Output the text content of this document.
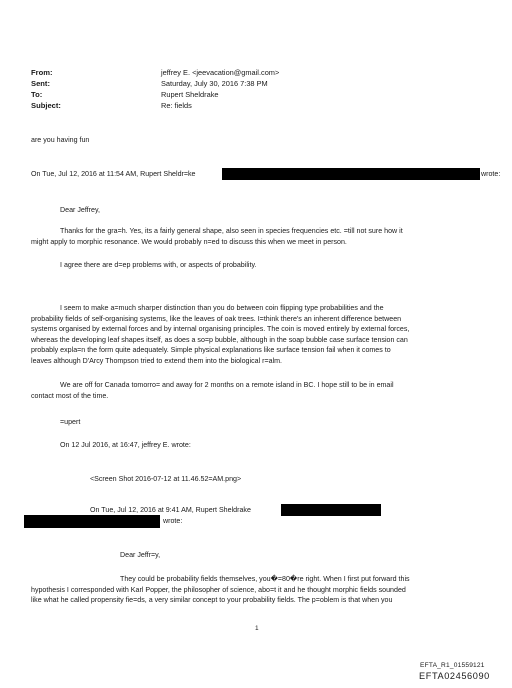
From:	jeffrey E. <jeevacation@gmail.com>
Sent:	Saturday, July 30, 2016 7:38 PM
To:	Rupert Sheldrake
Subject:	Re: fields
are you having fun
On Tue, Jul 12, 2016 at 11:54 AM, Rupert Sheldr=ke	wrote:
Dear Jeffrey,
Thanks for the gra=h. Yes, its a fairly general shape, also seen in species frequencies etc. =till not sure how it
might apply to morphic resonance. We would probably n=ed to discuss this when we meet in person.
I agree there are d=ep problems with, or aspects of probability.
I seem to make a=much sharper distinction than you do between coin flipping type probabilities and the
probability fields of self-organising systems, like the leaves of oak trees. I=think there's an inherent difference between
systems organised by external forces and by internal organising principles. The coin is moved entirely by external forces,
whereas the developing leaf shapes itself, as does a so=p bubble, although in the soap bubble case surface tension can
probably expla=n the form quite adequately. Simple physical explanations like surface tension fail when it comes to
leaves although D'Arcy Thompson tried to extend them into the biological r=alm.
We are off for Canada tomorro= and away for 2 months on a remote island in BC. I hope still to be in email
contact most of the time.
=upert
On 12 Jul 2016, at 16:47, jeffrey E. wrote:
<Screen Shot 2016-07-12 at 11.46.52=AM.png>
On Tue, Jul 12, 2016 at 9:41 AM, Rupert Sheldrake
wrote:
Dear Jeffr=y,
They could be probability fields themselves, you�=80�re right. When I first put forward this
hypothesis I corresponded with Karl Popper, the philosopher of science, abo=t it and he thought morphic fields sounded
like what he called propensity fie=ds, a very similar concept to your probability fields. The p=oblem is that when you
1
EFTA_R1_01559121
EFTA02456090
